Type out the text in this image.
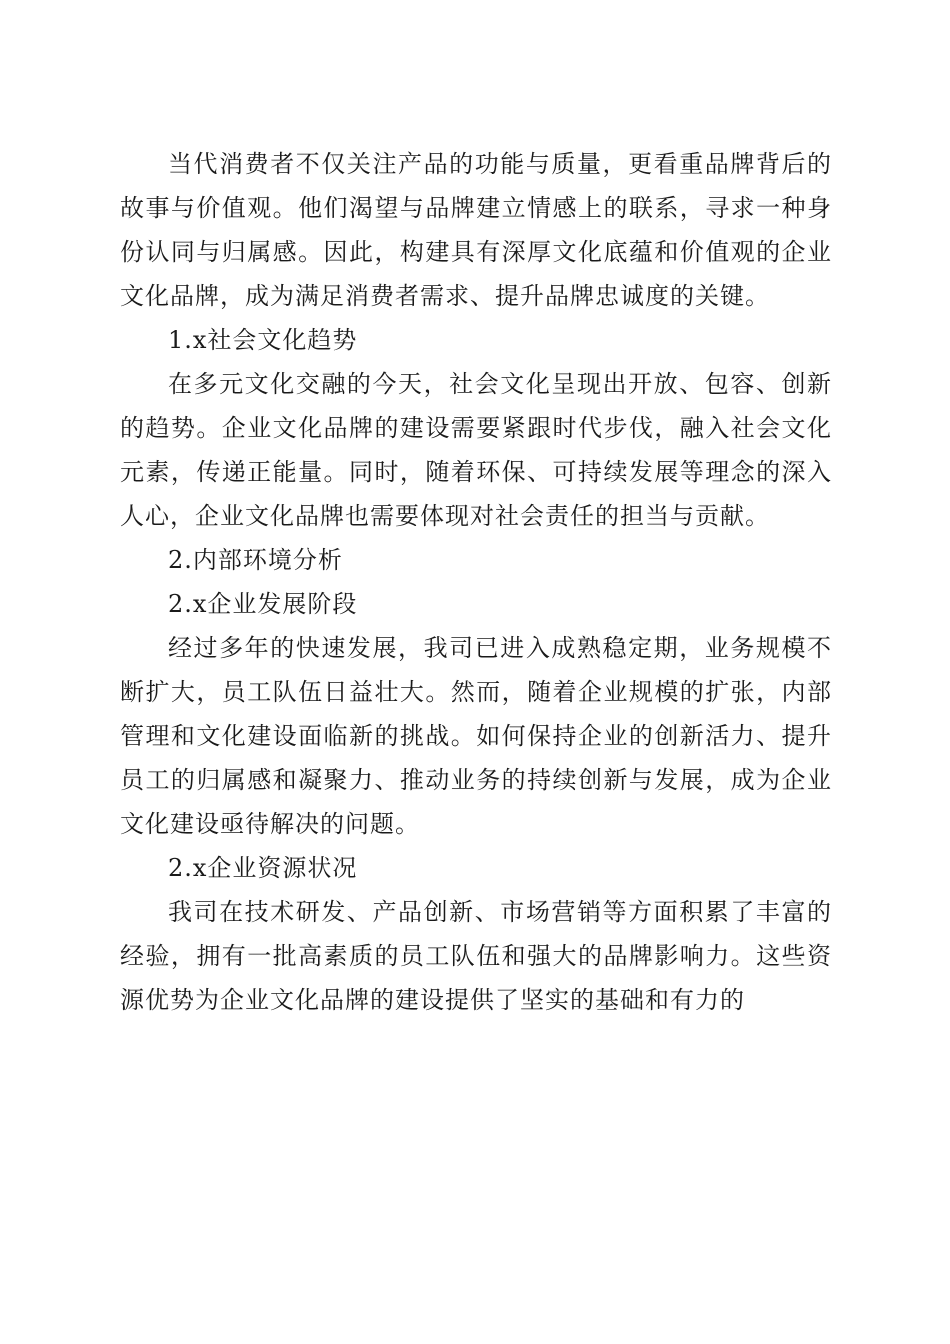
当代消费者不仅关注产品的功能与质量，更看重品牌背后的故事与价值观。他们渴望与品牌建立情感上的联系，寻求一种身份认同与归属感。因此，构建具有深厚文化底蕴和价值观的企业文化品牌，成为满足消费者需求、提升品牌忠诚度的关键。

1.x社会文化趋势

在多元文化交融的今天，社会文化呈现出开放、包容、创新的趋势。企业文化品牌的建设需要紧跟时代步伐，融入社会文化元素，传递正能量。同时，随着环保、可持续发展等理念的深入人心，企业文化品牌也需要体现对社会责任的担当与贡献。

2.内部环境分析

2.x企业发展阶段

经过多年的快速发展，我司已进入成熟稳定期，业务规模不断扩大，员工队伍日益壮大。然而，随着企业规模的扩张，内部管理和文化建设面临新的挑战。如何保持企业的创新活力、提升员工的归属感和凝聚力、推动业务的持续创新与发展，成为企业文化建设亟待解决的问题。

2.x企业资源状况

我司在技术研发、产品创新、市场营销等方面积累了丰富的经验，拥有一批高素质的员工队伍和强大的品牌影响力。这些资源优势为企业文化品牌的建设提供了坚实的基础和有力的
